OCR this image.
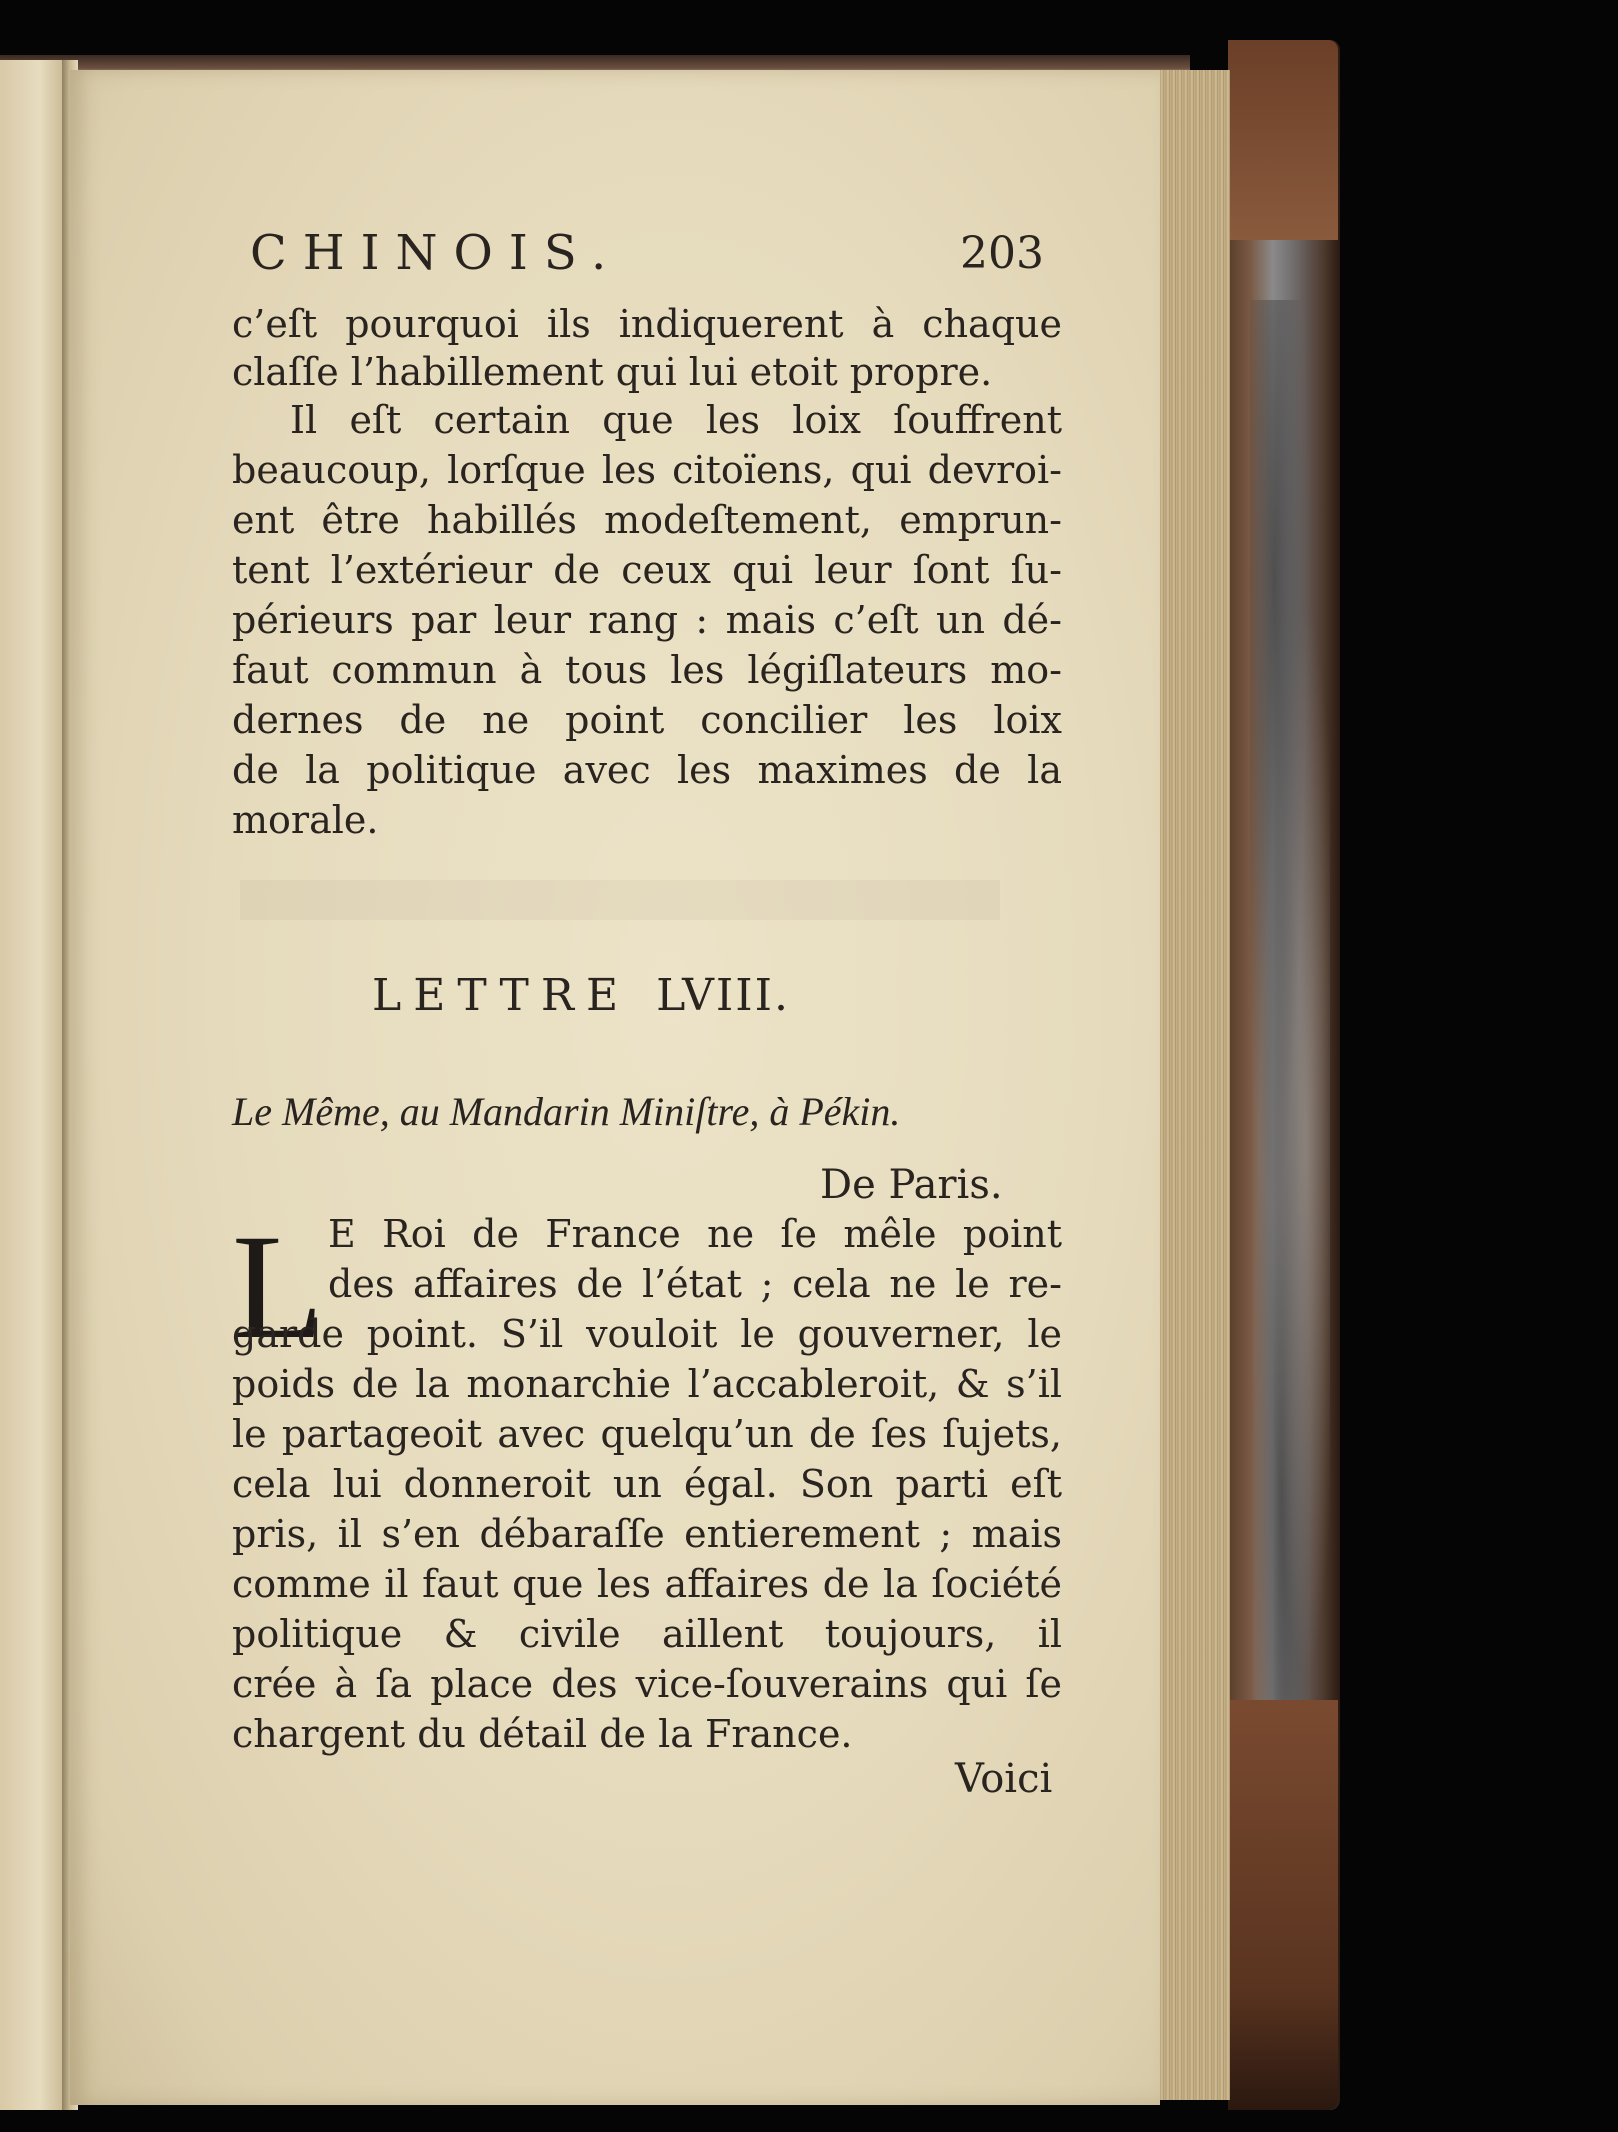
CHINOIS.	203
c’eſt pourquoi ils indiquerent à chaque
claſſe l’habillement qui lui etoit propre.
Il eſt certain que les loix ſouffrent
beaucoup, lorſque les citoïens, qui devroi-
ent être habillés modeſtement, emprun-
tent l’extérieur de ceux qui leur ſont ſu-
périeurs par leur rang : mais c’eſt un dé-
faut commun à tous les légiſlateurs mo-
dernes de ne point concilier les loix
de la politique avec les maximes de la
morale.
LETTRE LVIII.
Le Même, au Mandarin Miniſtre, à Pékin.
De Paris.
L E Roi de France ne ſe mêle point
des affaires de l’état ; cela ne le re-
garde point. S’il vouloit le gouverner, le
poids de la monarchie l’accableroit, & s’il
le partageoit avec quelqu’un de ſes ſujets,
cela lui donneroit un égal. Son parti eſt
pris, il s’en débaraſſe entierement ; mais
comme il faut que les affaires de la ſociété
politique & civile aillent toujours, il
crée à ſa place des vice-ſouverains qui ſe
chargent du détail de la France.
Voici
